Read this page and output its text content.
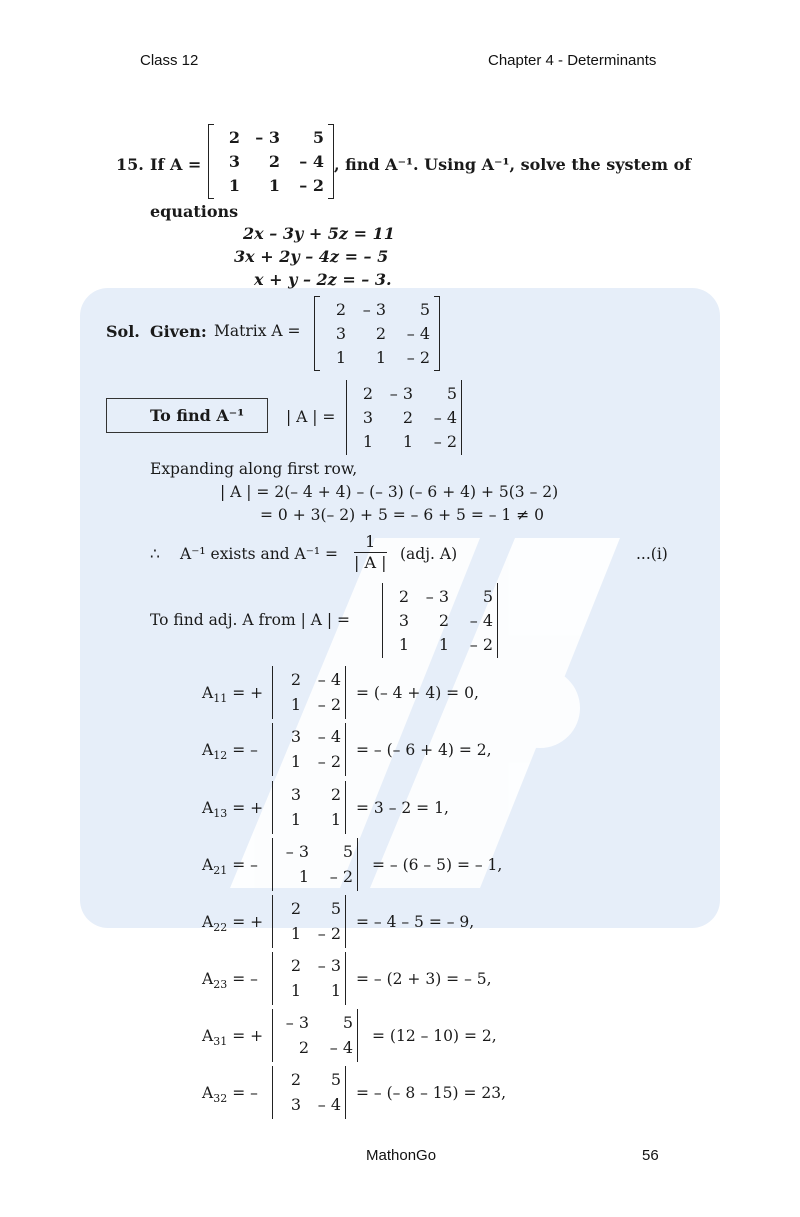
Class 12	Chapter 4 - Determinants
15. If A =
2 – 3	5
3	2	– 4
1	1	– 2
, find A⁻¹. Using A⁻¹, solve the system of
equations
2x – 3y + 5z = 11
3x + 2y – 4z = – 5
x + y – 2z = – 3.
Sol. Given: Matrix A =
2	– 3	5
3	2	– 4
1	1	– 2
To find A⁻¹	| A | =
2	– 3	5
3	2	– 4
1	1	– 2
Expanding along first row,
| A | = 2(– 4 + 4) – (– 3) (– 6 + 4) + 5(3 – 2)
= 0 + 3(– 2) + 5 = – 6 + 5 = – 1 ≠ 0
∴ A⁻¹ exists and $A^{-1} = \frac{1}{| A |} (adj$. A)	...(i)
To find adj. A from | A | =
2	– 3	5
3	2	– 4
1	1	– 2
$A_{11}$ = +
2	– 4
1	– 2
= (– 4 + 4) = 0,
$A_{12}$ = –
3	– 4
1	– 2
= – (– 6 + 4) = 2,
$A_{13}$ = +
3	2
1	1
= 3 – 2 = 1,
$A_{21}$ = –
– 3	5
1	– 2
= – (6 – 5) = – 1,
$A_{22}$ = +
2	5
1	– 2
= – 4 – 5 = – 9,
$A_{23}$ = –
2	– 3
1	1
= – (2 + 3) = – 5,
$A_{31}$ = +
– 3	5
2	– 4
= (12 – 10) = 2,
$A_{32}$ = –
2	5
3	– 4
= – (– 8 – 15) = 23,
MathonGo	56
